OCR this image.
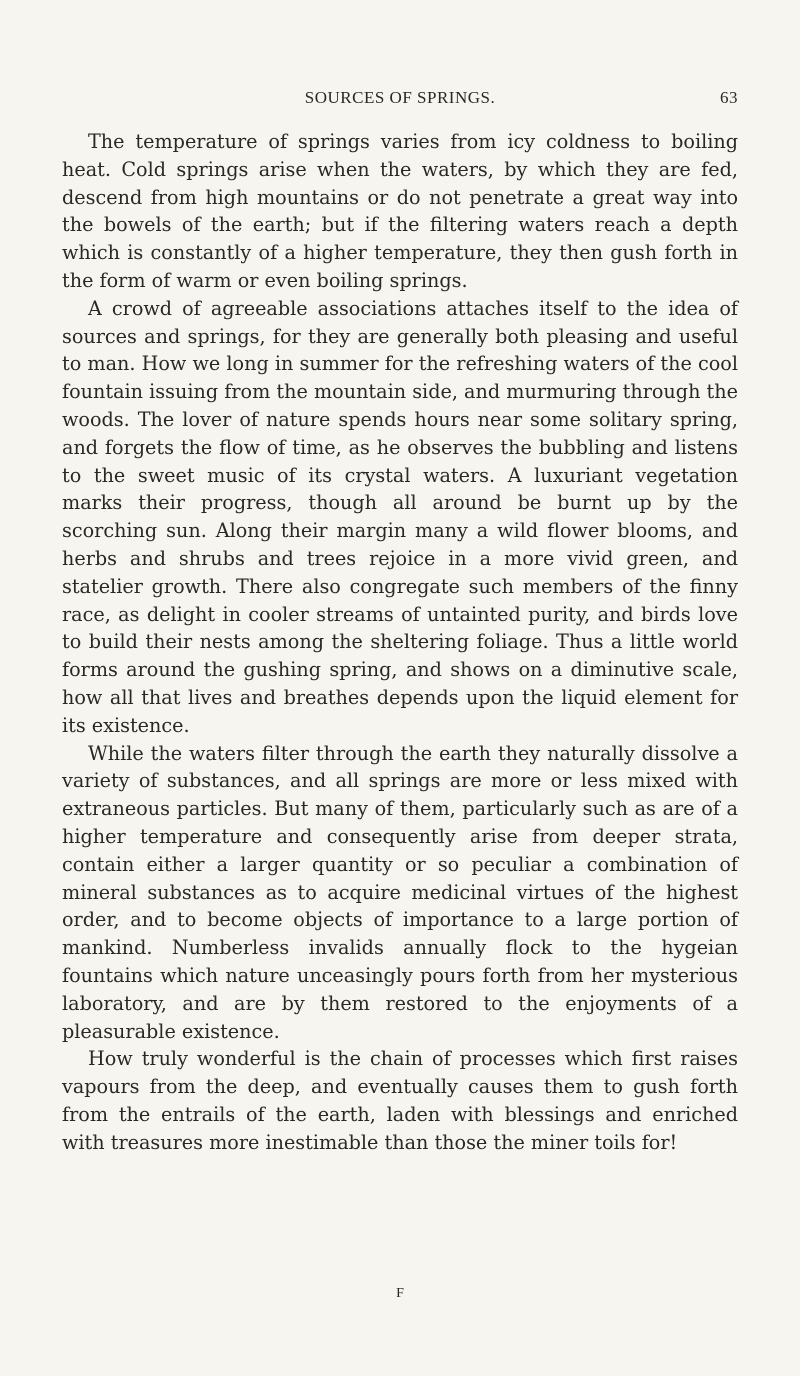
SOURCES OF SPRINGS.	63

The temperature of springs varies from icy coldness to boiling heat. Cold springs arise when the waters, by which they are fed, descend from high mountains or do not penetrate a great way into the bowels of the earth; but if the filtering waters reach a depth which is constantly of a higher temperature, they then gush forth in the form of warm or even boiling springs.

A crowd of agreeable associations attaches itself to the idea of sources and springs, for they are generally both pleasing and useful to man. How we long in summer for the refreshing waters of the cool fountain issuing from the mountain side, and murmuring through the woods. The lover of nature spends hours near some solitary spring, and forgets the flow of time, as he observes the bubbling and listens to the sweet music of its crystal waters. A luxuriant vegetation marks their progress, though all around be burnt up by the scorching sun. Along their margin many a wild flower blooms, and herbs and shrubs and trees rejoice in a more vivid green, and statelier growth. There also congregate such members of the finny race, as delight in cooler streams of untainted purity, and birds love to build their nests among the sheltering foliage. Thus a little world forms around the gushing spring, and shows on a diminutive scale, how all that lives and breathes depends upon the liquid element for its existence.

While the waters filter through the earth they naturally dissolve a variety of substances, and all springs are more or less mixed with extraneous particles. But many of them, particularly such as are of a higher temperature and consequently arise from deeper strata, contain either a larger quantity or so peculiar a combination of mineral substances as to acquire medicinal virtues of the highest order, and to become objects of importance to a large portion of mankind. Numberless invalids annually flock to the hygeian fountains which nature unceasingly pours forth from her mysterious laboratory, and are by them restored to the enjoyments of a pleasurable existence.

How truly wonderful is the chain of processes which first raises vapours from the deep, and eventually causes them to gush forth from the entrails of the earth, laden with blessings and enriched with treasures more inestimable than those the miner toils for!

F
